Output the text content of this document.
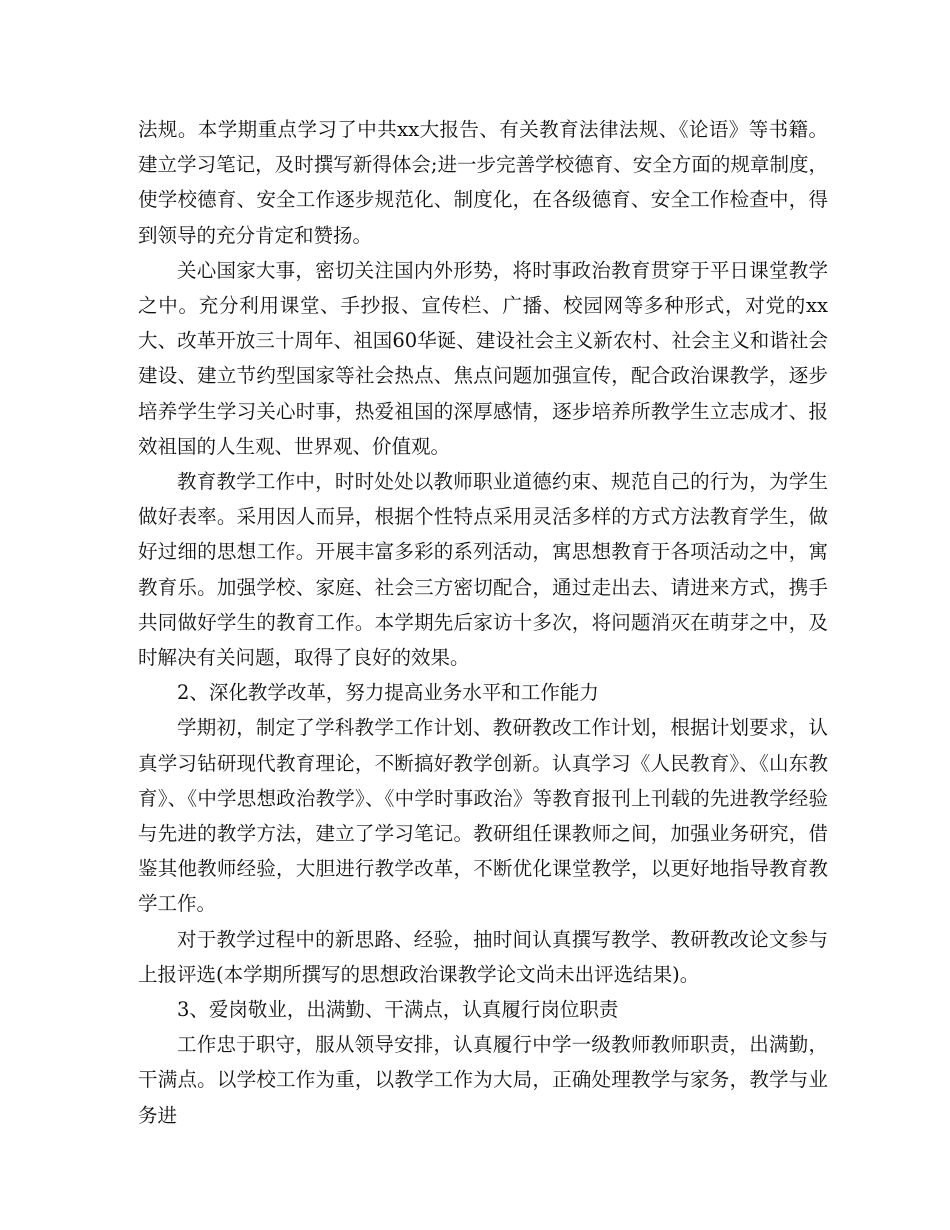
法规。本学期重点学习了中共xx大报告、有关教育法律法规、《论语》等书籍。建立学习笔记，及时撰写新得体会;进一步完善学校德育、安全方面的规章制度，使学校德育、安全工作逐步规范化、制度化，在各级德育、安全工作检查中，得到领导的充分肯定和赞扬。

关心国家大事，密切关注国内外形势，将时事政治教育贯穿于平日课堂教学之中。充分利用课堂、手抄报、宣传栏、广播、校园网等多种形式，对党的xx大、改革开放三十周年、祖国60华诞、建设社会主义新农村、社会主义和谐社会建设、建立节约型国家等社会热点、焦点问题加强宣传，配合政治课教学，逐步培养学生学习关心时事，热爱祖国的深厚感情，逐步培养所教学生立志成才、报效祖国的人生观、世界观、价值观。

教育教学工作中，时时处处以教师职业道德约束、规范自己的行为，为学生做好表率。采用因人而异，根据个性特点采用灵活多样的方式方法教育学生，做好过细的思想工作。开展丰富多彩的系列活动，寓思想教育于各项活动之中，寓教育乐。加强学校、家庭、社会三方密切配合，通过走出去、请进来方式，携手共同做好学生的教育工作。本学期先后家访十多次，将问题消灭在萌芽之中，及时解决有关问题，取得了良好的效果。

2、深化教学改革，努力提高业务水平和工作能力

学期初，制定了学科教学工作计划、教研教改工作计划，根据计划要求，认真学习钻研现代教育理论，不断搞好教学创新。认真学习《人民教育》、《山东教育》、《中学思想政治教学》、《中学时事政治》等教育报刊上刊载的先进教学经验与先进的教学方法，建立了学习笔记。教研组任课教师之间，加强业务研究，借鉴其他教师经验，大胆进行教学改革，不断优化课堂教学，以更好地指导教育教学工作。

对于教学过程中的新思路、经验，抽时间认真撰写教学、教研教改论文参与上报评选(本学期所撰写的思想政治课教学论文尚未出评选结果)。

3、爱岗敬业，出满勤、干满点，认真履行岗位职责

工作忠于职守，服从领导安排，认真履行中学一级教师教师职责，出满勤，干满点。以学校工作为重，以教学工作为大局，正确处理教学与家务，教学与业务进
